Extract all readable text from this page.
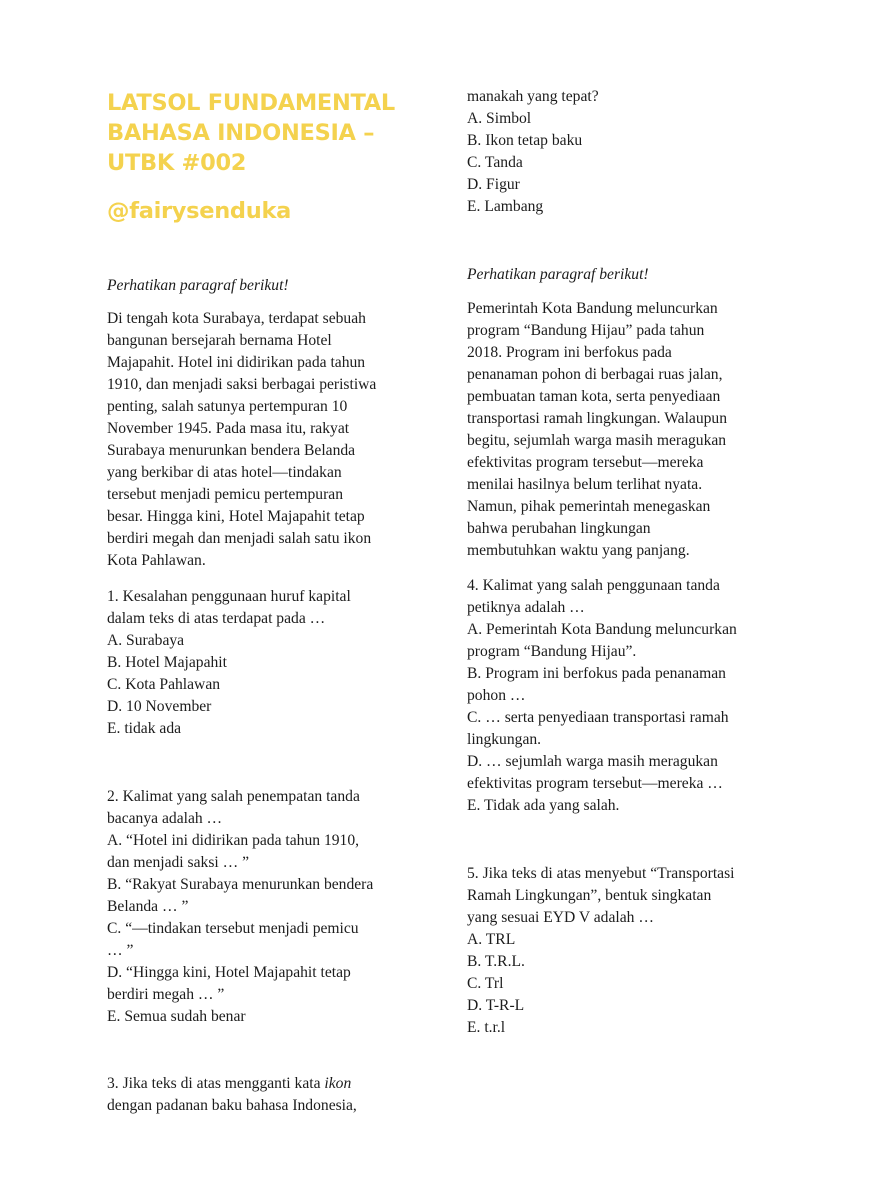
LATSOL FUNDAMENTAL
BAHASA INDONESIA –
UTBK #002
@fairysenduka
Perhatikan paragraf berikut!
Di tengah kota Surabaya, terdapat sebuah
bangunan bersejarah bernama Hotel
Majapahit. Hotel ini didirikan pada tahun
1910, dan menjadi saksi berbagai peristiwa
penting, salah satunya pertempuran 10
November 1945. Pada masa itu, rakyat
Surabaya menurunkan bendera Belanda
yang berkibar di atas hotel—tindakan
tersebut menjadi pemicu pertempuran
besar. Hingga kini, Hotel Majapahit tetap
berdiri megah dan menjadi salah satu ikon
Kota Pahlawan.
1. Kesalahan penggunaan huruf kapital
dalam teks di atas terdapat pada …
A. Surabaya
B. Hotel Majapahit
C. Kota Pahlawan
D. 10 November
E. tidak ada
2. Kalimat yang salah penempatan tanda
bacanya adalah …
A. “Hotel ini didirikan pada tahun 1910,
dan menjadi saksi … ”
B. “Rakyat Surabaya menurunkan bendera
Belanda … ”
C. “—tindakan tersebut menjadi pemicu
… ”
D. “Hingga kini, Hotel Majapahit tetap
berdiri megah … ”
E. Semua sudah benar
3. Jika teks di atas mengganti kata ikon
dengan padanan baku bahasa Indonesia,
manakah yang tepat?
A. Simbol
B. Ikon tetap baku
C. Tanda
D. Figur
E. Lambang
Perhatikan paragraf berikut!
Pemerintah Kota Bandung meluncurkan
program “Bandung Hijau” pada tahun
2018. Program ini berfokus pada
penanaman pohon di berbagai ruas jalan,
pembuatan taman kota, serta penyediaan
transportasi ramah lingkungan. Walaupun
begitu, sejumlah warga masih meragukan
efektivitas program tersebut—mereka
menilai hasilnya belum terlihat nyata.
Namun, pihak pemerintah menegaskan
bahwa perubahan lingkungan
membutuhkan waktu yang panjang.
4. Kalimat yang salah penggunaan tanda
petiknya adalah …
A. Pemerintah Kota Bandung meluncurkan
program “Bandung Hijau”.
B. Program ini berfokus pada penanaman
pohon …
C. … serta penyediaan transportasi ramah
lingkungan.
D. … sejumlah warga masih meragukan
efektivitas program tersebut—mereka …
E. Tidak ada yang salah.
5. Jika teks di atas menyebut “Transportasi
Ramah Lingkungan”, bentuk singkatan
yang sesuai EYD V adalah …
A. TRL
B. T.R.L.
C. Trl
D. T-R-L
E. t.r.l
